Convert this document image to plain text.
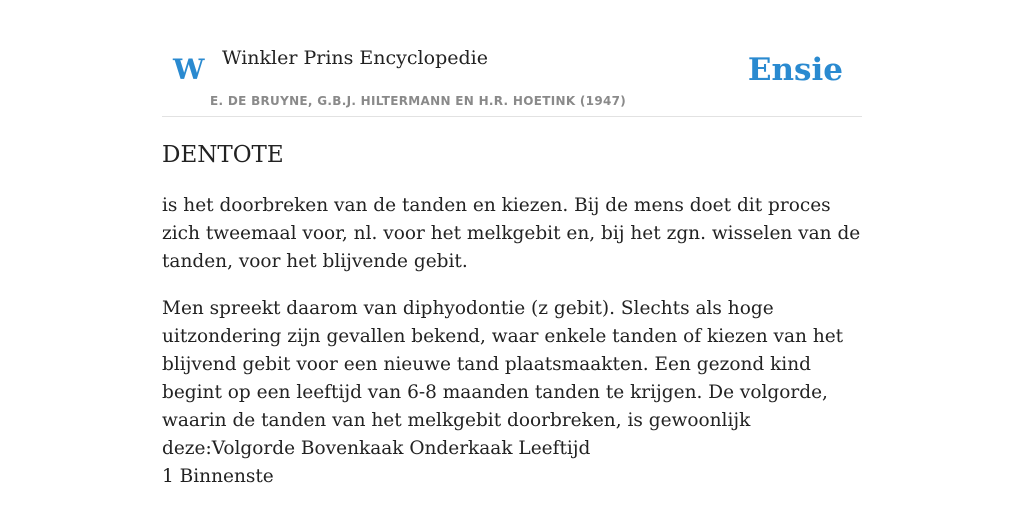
W Winkler Prins Encyclopedie
E. DE BRUYNE, G.B.J. HILTERMANN EN H.R. HOETINK (1947)
Ensie
DENTOTE

is het doorbreken van de tanden en kiezen. Bij de mens doet dit proces zich tweemaal voor, nl. voor het melkgebit en, bij het zgn. wisselen van de tanden, voor het blijvende gebit.

Men spreekt daarom van diphyodontie (z gebit). Slechts als hoge uitzondering zijn gevallen bekend, waar enkele tanden of kiezen van het blijvend gebit voor een nieuwe tand plaatsmaakten. Een gezond kind begint op een leeftijd van 6-8 maanden tanden te krijgen. De volgorde, waarin de tanden van het melkgebit doorbreken, is gewoonlijk deze:Volgorde Bovenkaak Onderkaak Leeftijd

1 Binnenste
